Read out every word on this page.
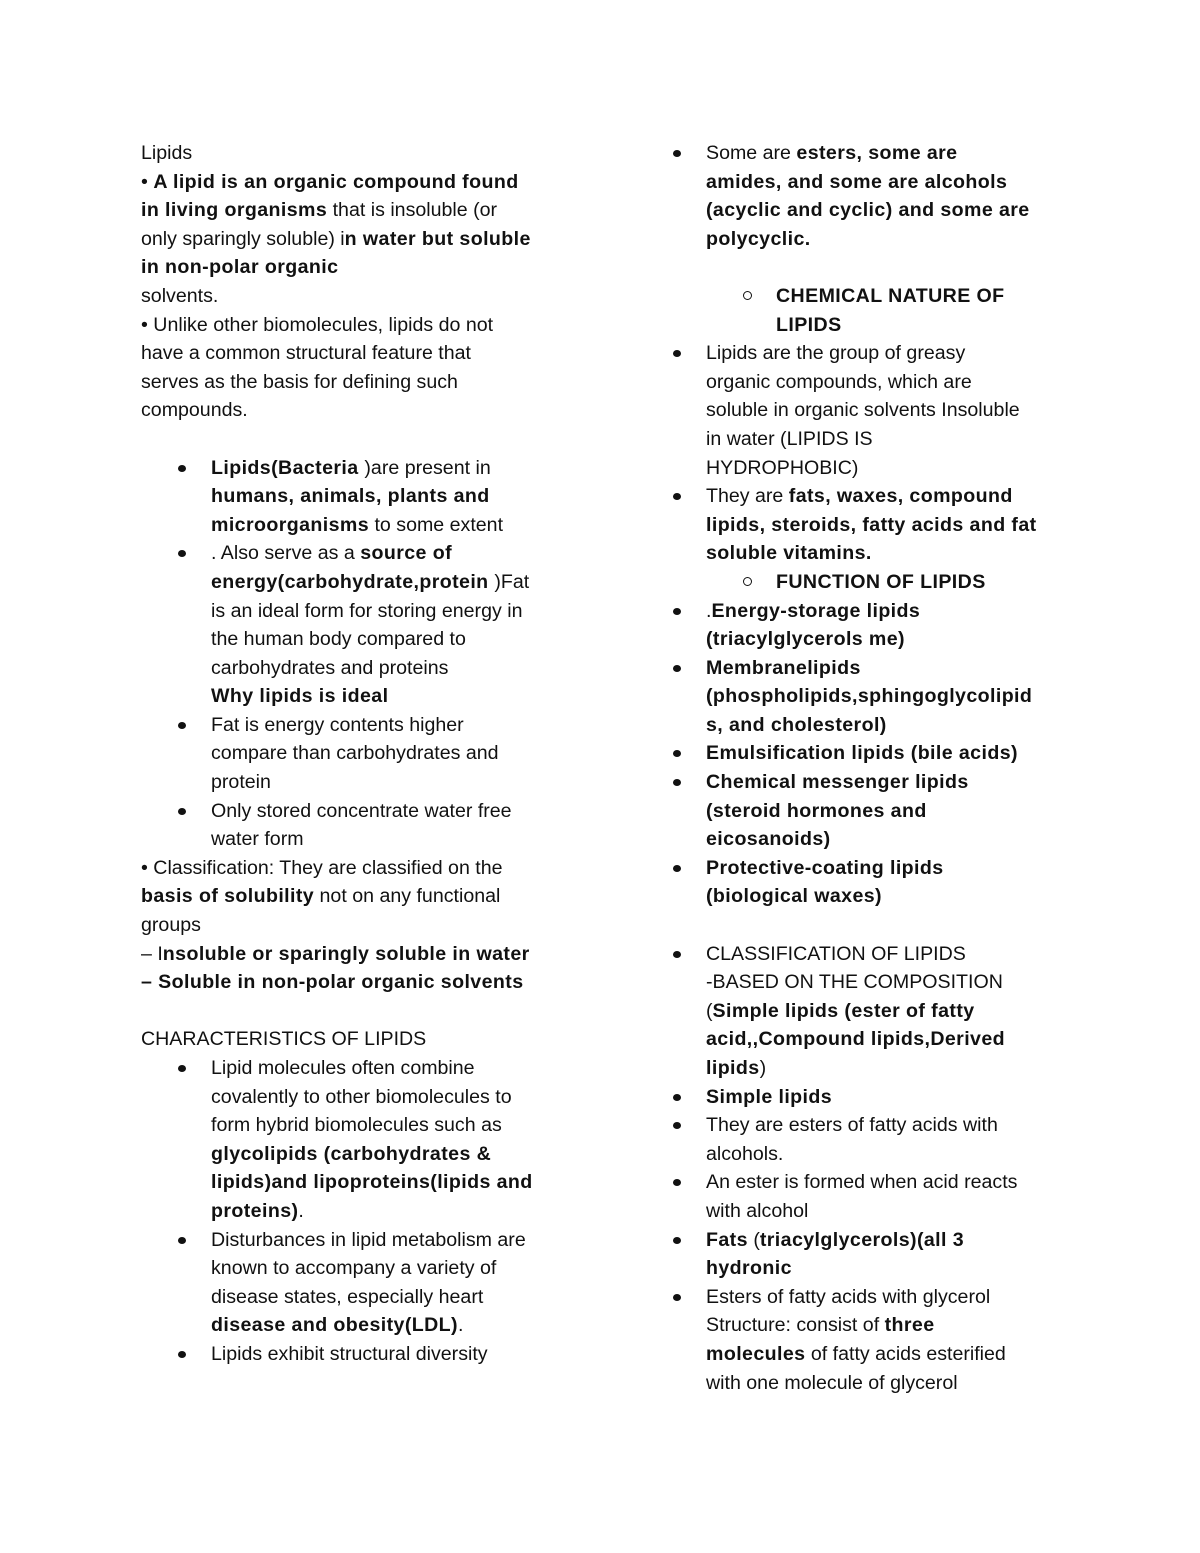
Lipids
• A lipid is an organic compound found
in living organisms that is insoluble (or
only sparingly soluble) in water but soluble
in non-polar organic
solvents.
• Unlike other biomolecules, lipids do not
have a common structural feature that
serves as the basis for defining such
compounds.
Lipids(Bacteria )are present in
humans, animals, plants and
microorganisms to some extent
. Also serve as a source of
energy(carbohydrate,protein )Fat
is an ideal form for storing energy in
the human body compared to
carbohydrates and proteins
Why lipids is ideal
Fat is energy contents higher
compare than carbohydrates and
protein
Only stored concentrate water free
water form
• Classification: They are classified on the
basis of solubility not on any functional
groups
– Insoluble or sparingly soluble in water
– Soluble in non-polar organic solvents
CHARACTERISTICS OF LIPIDS
Lipid molecules often combine
covalently to other biomolecules to
form hybrid biomolecules such as
glycolipids (carbohydrates &
lipids)and lipoproteins(lipids and
proteins).
Disturbances in lipid metabolism are
known to accompany a variety of
disease states, especially heart
disease and obesity(LDL).
Lipids exhibit structural diversity
Some are esters, some are
amides, and some are alcohols
(acyclic and cyclic) and some are
polycyclic.
CHEMICAL NATURE OF
LIPIDS
Lipids are the group of greasy
organic compounds, which are
soluble in organic solvents Insoluble
in water (LIPIDS IS
HYDROPHOBIC)
They are fats, waxes, compound
lipids, steroids, fatty acids and fat
soluble vitamins.
FUNCTION OF LIPIDS
.Energy-storage lipids
(triacylglycerols me)
Membranelipids
(phospholipids,sphingoglycolipid
s, and cholesterol)
Emulsification lipids (bile acids)
Chemical messenger lipids
(steroid hormones and
eicosanoids)
Protective-coating lipids
(biological waxes)
CLASSIFICATION OF LIPIDS
-BASED ON THE COMPOSITION
(Simple lipids (ester of fatty
acid,,Compound lipids,Derived
lipids)
Simple lipids
They are esters of fatty acids with
alcohols.
An ester is formed when acid reacts
with alcohol
Fats (triacylglycerols)(all 3
hydronic
Esters of fatty acids with glycerol
Structure: consist of three
molecules of fatty acids esterified
with one molecule of glycerol
